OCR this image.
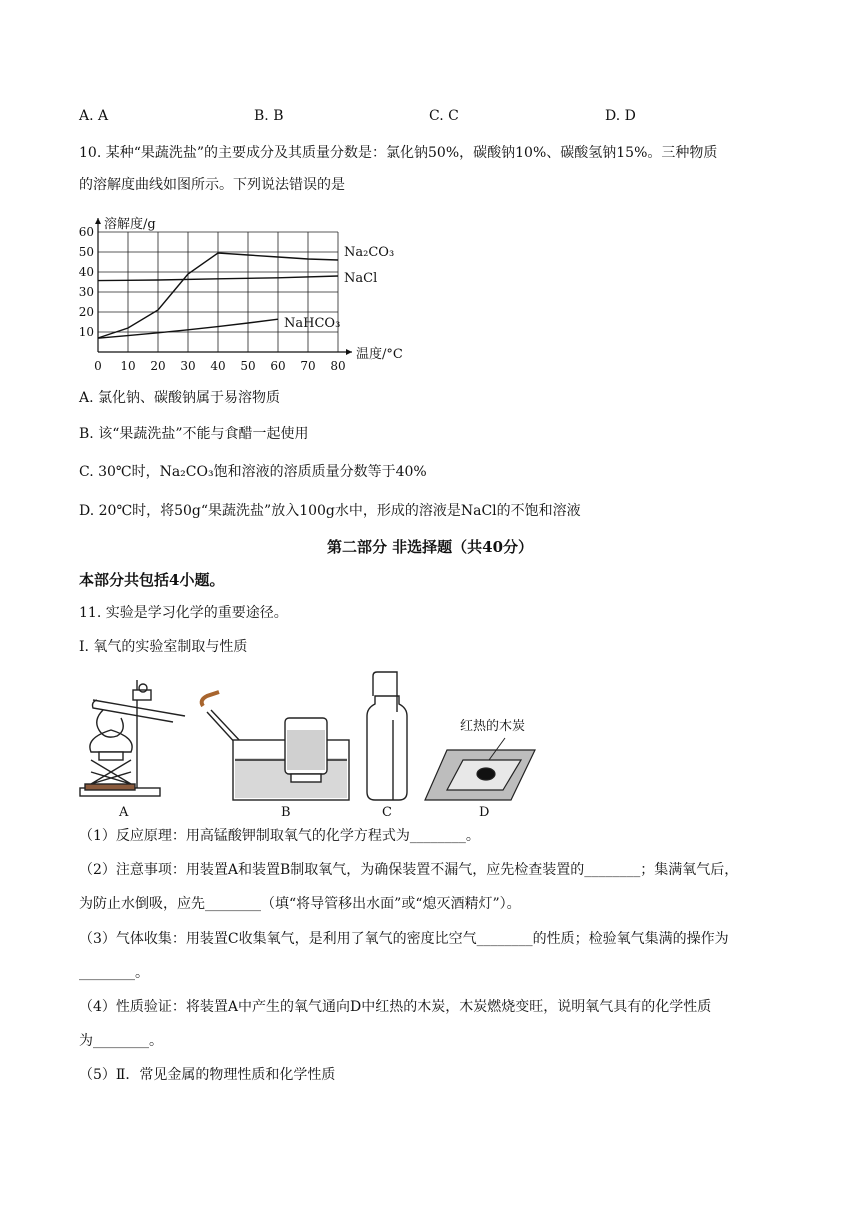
A. A	B. B	C. C	D. D
10. 某种“果蔬洗盐”的主要成分及其质量分数是：氯化钠50%，碳酸钠10%、碳酸氢钠15%。三种物质
的溶解度曲线如图所示。下列说法错误的是
0 10 20 30 40 50 60 70 80
10
20
30
40
50
60 溶解度/g
温度/°C
Na₂CO₃
NaCl
NaHCO₃
A. 氯化钠、碳酸钠属于易溶物质
B. 该“果蔬洗盐”不能与食醋一起使用
C. 30℃时，Na₂CO₃饱和溶液的溶质质量分数等于40%
D. 20℃时，将50g“果蔬洗盐”放入100g水中，形成的溶液是NaCl的不饱和溶液
第二部分 非选择题（共40分）
本部分共包括4小题。
11. 实验是学习化学的重要途径。
I. 氧气的实验室制取与性质
红热的木炭
A	B	C	D
（1）反应原理：用高锰酸钾制取氧气的化学方程式为________。
（2）注意事项：用装置A和装置B制取氧气，为确保装置不漏气，应先检查装置的________；集满氧气后，
为防止水倒吸，应先________（填“将导管移出水面”或“熄灭酒精灯”）。
（3）气体收集：用装置C收集氧气，是利用了氧气的密度比空气________的性质；检验氧气集满的操作为
________。
（4）性质验证：将装置A中产生的氧气通向D中红热的木炭，木炭燃烧变旺，说明氧气具有的化学性质
为________。
（5）Ⅱ．常见金属的物理性质和化学性质
